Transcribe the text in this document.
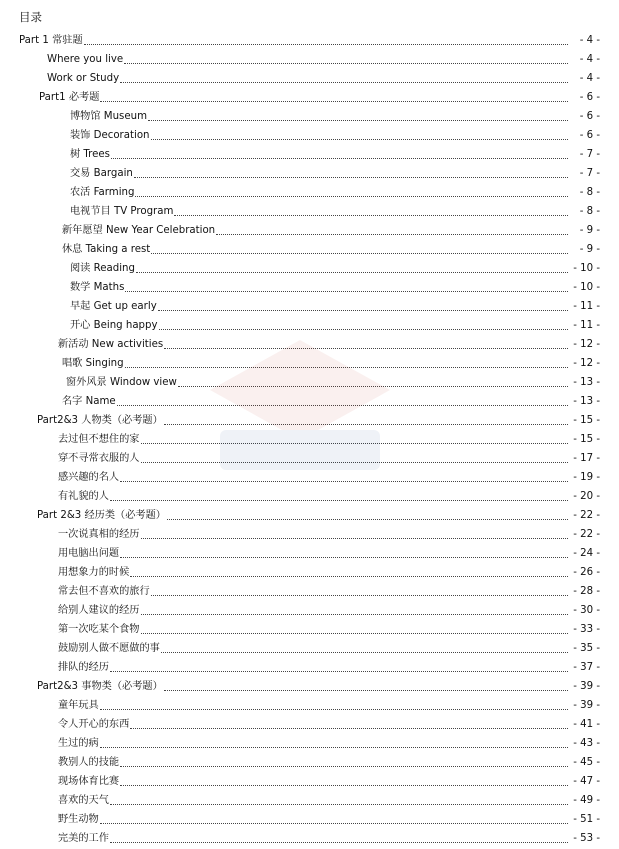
目录
Part 1 常驻题	- 4 -
Where you live	- 4 -
Work or Study	- 4 -
Part1 必考题	- 6 -
博物馆 Museum	- 6 -
装饰 Decoration	- 6 -
树 Trees	- 7 -
交易 Bargain	- 7 -
农活 Farming	- 8 -
电视节目 TV Program	- 8 -
新年愿望 New Year Celebration	- 9 -
休息 Taking a rest	- 9 -
阅读 Reading	- 10 -
数学 Maths	- 10 -
早起 Get up early	- 11 -
开心 Being happy	- 11 -
新活动 New activities	- 12 -
唱歌 Singing	- 12 -
窗外风景 Window view	- 13 -
名字 Name	- 13 -
Part2&3 人物类（必考题）	- 15 -
去过但不想住的家	- 15 -
穿不寻常衣服的人	- 17 -
感兴趣的名人	- 19 -
有礼貌的人	- 20 -
Part 2&3 经历类（必考题）	- 22 -
一次说真相的经历	- 22 -
用电脑出问题	- 24 -
用想象力的时候	- 26 -
常去但不喜欢的旅行	- 28 -
给别人建议的经历	- 30 -
第一次吃某个食物	- 33 -
鼓励别人做不愿做的事	- 35 -
排队的经历	- 37 -
Part2&3 事物类（必考题）	- 39 -
童年玩具	- 39 -
令人开心的东西	- 41 -
生过的病	- 43 -
教别人的技能	- 45 -
现场体育比赛	- 47 -
喜欢的天气	- 49 -
野生动物	- 51 -
完美的工作	- 53 -
